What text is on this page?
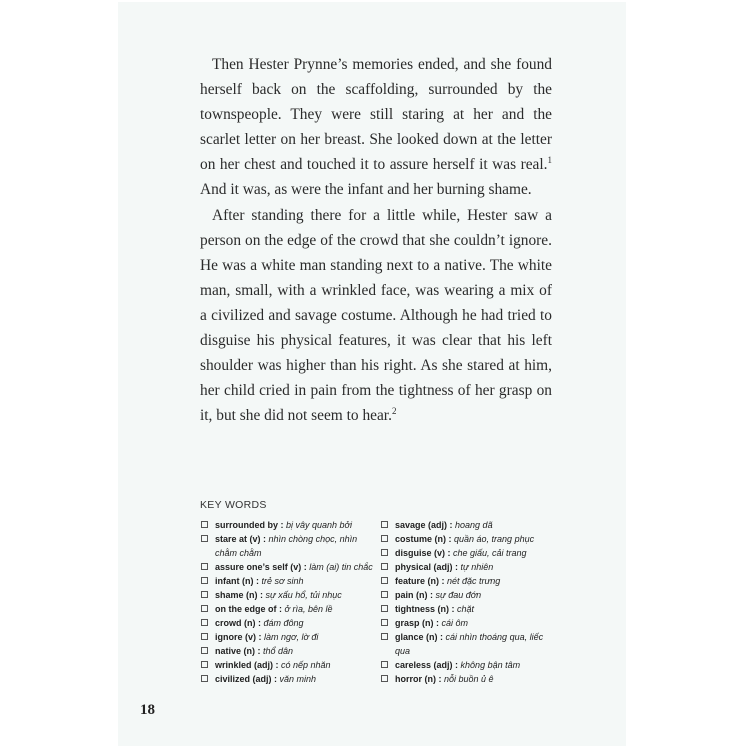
Then Hester Prynne’s memories ended, and she found herself back on the scaffolding, surrounded by the townspeople. They were still staring at her and the scarlet letter on her breast. She looked down at the letter on her chest and touched it to assure herself it was real.$^1$ And it was, as were the infant and her burning shame.

After standing there for a little while, Hester saw a person on the edge of the crowd that she couldn’t ignore. He was a white man standing next to a native. The white man, small, with a wrinkled face, was wearing a mix of a civilized and savage costume. Although he had tried to disguise his physical features, it was clear that his left shoulder was higher than his right. As she stared at him, her child cried in pain from the tightness of her grasp on it, but she did not seem to hear.$^2$

KEY WORDS
surrounded by : bị vây quanh bởi
stare at (v) : nhìn chòng chọc, nhìn chằm chằm
assure one’s self (v) : làm (ai) tin chắc
infant (n) : trẻ sơ sinh
shame (n) : sự xấu hổ, tủi nhục
on the edge of : ở rìa, bên lề
crowd (n) : đám đông
ignore (v) : làm ngơ, lờ đi
native (n) : thổ dân
wrinkled (adj) : có nếp nhăn
civilized (adj) : văn minh
savage (adj) : hoang dã
costume (n) : quần áo, trang phục
disguise (v) : che giấu, cải trang
physical (adj) : tự nhiên
feature (n) : nét đặc trưng
pain (n) : sự đau đớn
tightness (n) : chặt
grasp (n) : cái ôm
glance (n) : cái nhìn thoáng qua, liếc qua
careless (adj) : không bận tâm
horror (n) : nỗi buồn ủ ê
18
